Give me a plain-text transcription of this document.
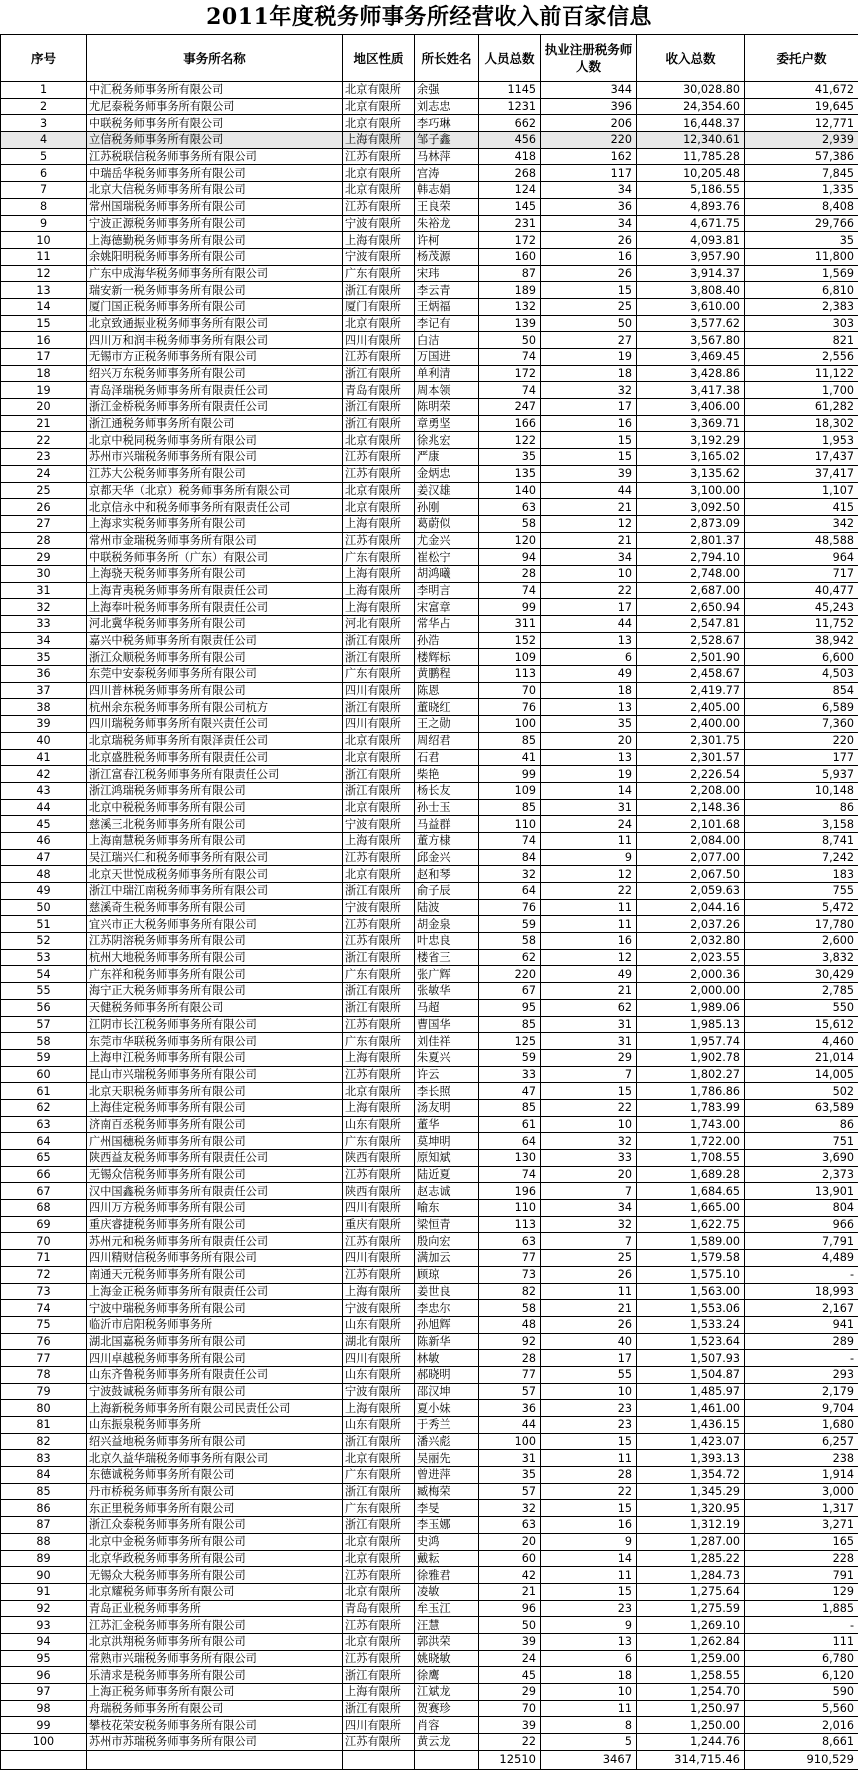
2011年度税务师事务所经营收入前百家信息
序号	事务所名称	地区性质	所长姓名	人员总数	执业注册税务师人数	收入总数	委托户数
1	中汇税务师事务所有限公司	北京有限所	余强	1145	344	30,028.80	41,672
2	尤尼泰税务师事务所有限公司	北京有限所	刘志忠	1231	396	24,354.60	19,645
3	中联税务师事务所有限公司	北京有限所	李巧琳	662	206	16,448.37	12,771
4	立信税务师事务所有限公司	上海有限所	邹子鑫	456	220	12,340.61	2,939
5	江苏税联信税务师事务所有限公司	江苏有限所	马林萍	418	162	11,785.28	57,386
6	中瑞岳华税务师事务所有限公司	北京有限所	宫涛	268	117	10,205.48	7,845
7	北京大信税务师事务所有限公司	北京有限所	韩志娟	124	34	5,186.55	1,335
8	常州国瑞税务师事务所有限公司	江苏有限所	王良荣	145	36	4,893.76	8,408
9	宁波正源税务师事务所有限公司	宁波有限所	朱裕龙	231	34	4,671.75	29,766
10	上海德勤税务师事务所有限公司	上海有限所	许柯	172	26	4,093.81	35
11	余姚阳明税务师事务所有限公司	宁波有限所	杨茂源	160	16	3,957.90	11,800
12	广东中成海华税务师事务所有限公司	广东有限所	宋玮	87	26	3,914.37	1,569
13	瑞安新一税务师事务所有限公司	浙江有限所	李云青	189	15	3,808.40	6,810
14	厦门国正税务师事务所有限公司	厦门有限所	王炳福	132	25	3,610.00	2,383
15	北京致通振业税务师事务所有限公司	北京有限所	李记有	139	50	3,577.62	303
16	四川万和润丰税务师事务所有限公司	四川有限所	白洁	50	27	3,567.80	821
17	无锡市方正税务师事务所有限公司	江苏有限所	万国进	74	19	3,469.45	2,556
18	绍兴万东税务师事务所有限公司	浙江有限所	单利清	172	18	3,428.86	11,122
19	青岛泽瑞税务师事务所有限责任公司	青岛有限所	周本领	74	32	3,417.38	1,700
20	浙江金桥税务师事务所有限责任公司	浙江有限所	陈明荣	247	17	3,406.00	61,282
21	浙江通税务师事务所有限公司	浙江有限所	章勇坚	166	16	3,369.71	18,302
22	北京中税同税务师事务所有限公司	北京有限所	徐兆宏	122	15	3,192.29	1,953
23	苏州市兴瑞税务师事务所有限公司	江苏有限所	严康	35	15	3,165.02	17,437
24	江苏大公税务师事务所有限公司	江苏有限所	金炳忠	135	39	3,135.62	37,417
25	京都天华（北京）税务师事务所有限公司	北京有限所	姜汉雄	140	44	3,100.00	1,107
26	北京信永中和税务师事务所有限责任公司	北京有限所	孙刚	63	21	3,092.50	415
27	上海求实税务师事务所有限公司	上海有限所	葛蔚似	58	12	2,873.09	342
28	常州市金瑞税务师事务所有限公司	江苏有限所	尤金兴	120	21	2,801.37	48,588
29	中联税务师事务所（广东）有限公司	广东有限所	崔松宁	94	34	2,794.10	964
30	上海骁天税务师事务所有限公司	上海有限所	胡鸿曦	28	10	2,748.00	717
31	上海青夷税务师事务所有限责任公司	上海有限所	李明言	74	22	2,687.00	40,477
32	上海奉叶税务师事务所有限责任公司	上海有限所	宋富章	99	17	2,650.94	45,243
33	河北冀华税务师事务所有限公司	河北有限所	常华占	311	44	2,547.81	11,752
34	嘉兴中税务师事务所有限责任公司	浙江有限所	孙浩	152	13	2,528.67	38,942
35	浙江众顺税务师事务所有限公司	浙江有限所	楼辉标	109	6	2,501.90	6,600
36	东莞中安泰税务师事务所有限公司	广东有限所	黄鹏程	113	49	2,458.67	4,503
37	四川普林税务师事务所有限公司	四川有限所	陈恩	70	18	2,419.77	854
38	杭州余东税务师事务所有限公司杭方	浙江有限所	董晓红	76	13	2,405.00	6,589
39	四川瑞税务师事务所有限兴责任公司	四川有限所	王之勋	100	35	2,400.00	7,360
40	北京瑞税务师事务所有限泽责任公司	北京有限所	周绍君	85	20	2,301.75	220
41	北京盛胜税务师事务所有限责任公司	北京有限所	石君	41	13	2,301.57	177
42	浙江富春江税务师事务所有限责任公司	浙江有限所	柴艳	99	19	2,226.54	5,937
43	浙江鸿瑞税务师事务所有限公司	浙江有限所	杨长友	109	14	2,208.00	10,148
44	北京中税税务师事务所有限公司	北京有限所	孙士玉	85	31	2,148.36	86
45	慈溪三北税务师事务所有限公司	宁波有限所	马益群	110	24	2,101.68	3,158
46	上海南慧税务师事务所有限公司	上海有限所	董方棣	74	11	2,084.00	8,741
47	吴江瑞兴仁和税务师事务所有限公司	江苏有限所	邱金兴	84	9	2,077.00	7,242
48	北京天世悦成税务师事务所有限公司	北京有限所	赵和琴	32	12	2,067.50	183
49	浙江中瑞江南税务师事务所有限公司	浙江有限所	俞子辰	64	22	2,059.63	755
50	慈溪奇生税务师事务所有限公司	宁波有限所	陆波	76	11	2,044.16	5,472
51	宜兴市正大税务师事务所有限公司	江苏有限所	胡金泉	59	11	2,037.26	17,780
52	江苏阴溶税务师事务所有限公司	江苏有限所	叶忠良	58	16	2,032.80	2,600
53	杭州大地税务师事务所有限公司	浙江有限所	楼省三	62	12	2,023.55	3,832
54	广东祥和税务师事务所有限公司	广东有限所	张广辉	220	49	2,000.36	30,429
55	海宁正大税务师事务所有限公司	浙江有限所	张敏华	67	21	2,000.00	2,785
56	天健税务师事务所有限公司	浙江有限所	马超	95	62	1,989.06	550
57	江阴市长江税务师事务所有限公司	江苏有限所	曹国华	85	31	1,985.13	15,612
58	东莞市华联税务师事务所有限公司	广东有限所	刘佳祥	125	31	1,957.74	4,460
59	上海申江税务师事务所有限公司	上海有限所	朱夏兴	59	29	1,902.78	21,014
60	昆山市兴瑞税务师事务所有限公司	江苏有限所	许云	33	7	1,802.27	14,005
61	北京天职税务师事务所有限公司	北京有限所	李长照	47	15	1,786.86	502
62	上海佳定税务师事务所有限公司	上海有限所	汤友明	85	22	1,783.99	63,589
63	济南百丞税务师事务所有限公司	山东有限所	董华	61	10	1,743.00	86
64	广州国穗税务师事务所有限公司	广东有限所	莫坤明	64	32	1,722.00	751
65	陕西益友税务师事务所有限责任公司	陕西有限所	原知斌	130	33	1,708.55	3,690
66	无锡众信税务师事务所有限公司	江苏有限所	陆近夏	74	20	1,689.28	2,373
67	汉中国鑫税务师事务所有限责任公司	陕西有限所	赵志诚	196	7	1,684.65	13,901
68	四川万方税务师事务所有限公司	四川有限所	喻东	110	34	1,665.00	804
69	重庆睿捷税务师事务所有限公司	重庆有限所	梁恒青	113	32	1,622.75	966
70	苏州元和税务师事务所有限责任公司	江苏有限所	殷向宏	63	7	1,589.00	7,791
71	四川精财信税务师事务所有限公司	四川有限所	满加云	77	25	1,579.58	4,489
72	南通天元税务师事务所有限公司	江苏有限所	顾琼	73	26	1,575.10	-
73	上海金正税务师事务所有限责任公司	上海有限所	姜世良	82	11	1,563.00	18,993
74	宁波中瑞税务师事务所有限公司	宁波有限所	李忠尔	58	21	1,553.06	2,167
75	临沂市启阳税务师事务所	山东有限所	孙旭辉	48	26	1,533.24	941
76	湖北国嘉税务师事务所有限公司	湖北有限所	陈新华	92	40	1,523.64	289
77	四川卓越税务师事务所有限公司	四川有限所	林敏	28	17	1,507.93	-
78	山东齐鲁税务师事务所有限责任公司	山东有限所	郝晓明	77	55	1,504.87	293
79	宁波鼓诚税务师事务所有限公司	宁波有限所	邵汉坤	57	10	1,485.97	2,179
80	上海新税务师事务所有限公司民责任公司	上海有限所	夏小妹	36	23	1,461.00	9,704
81	山东振泉税务师事务所	山东有限所	于秀兰	44	23	1,436.15	1,680
82	绍兴益地税务师事务所有限公司	浙江有限所	潘兴彪	100	15	1,423.07	6,257
83	北京久益华瑞税务师事务所有限公司	北京有限所	吴丽先	31	11	1,393.13	238
84	东德诚税务师事务所有限公司	广东有限所	曾进萍	35	28	1,354.72	1,914
85	丹市桥税务师事务所有限公司	浙江有限所	臧梅荣	57	22	1,345.29	3,000
86	东正里税务师事务所有限公司	广东有限所	李旻	32	15	1,320.95	1,317
87	浙江众泰税务师事务所有限公司	浙江有限所	李玉娜	63	16	1,312.19	3,271
88	北京中金税务师事务所有限公司	北京有限所	史鸿	20	9	1,287.00	165
89	北京华政税务师事务所有限公司	北京有限所	戴耘	60	14	1,285.22	228
90	无锡众大税务师事务所有限公司	江苏有限所	徐雅君	42	11	1,284.73	791
91	北京耀税务师事务所有限公司	北京有限所	凌敏	21	15	1,275.64	129
92	青岛正业税务师事务所	青岛有限所	牟玉江	96	23	1,275.59	1,885
93	江苏汇金税务师事务所有限公司	江苏有限所	汪慧	50	9	1,269.10	-
94	北京洪翔税务师事务所有限公司	北京有限所	郭洪荣	39	13	1,262.84	111
95	常熟市兴瑞税务师事务所有限公司	江苏有限所	姚晓敏	24	6	1,259.00	6,780
96	乐清求是税务师事务所有限公司	浙江有限所	徐鹰	45	18	1,258.55	6,120
97	上海正税务师事务所有限公司	上海有限所	江斌龙	29	10	1,254.70	590
98	舟瑞税务师事务所有限公司	浙江有限所	贺赛珍	70	11	1,250.97	5,560
99	攀枝花荣安税务师事务所有限公司	四川有限所	肖容	39	8	1,250.00	2,016
100	苏州市苏瑞税务师事务所有限公司	江苏有限所	黄云龙	22	5	1,244.76	8,661
				12510	3467	314,715.46	910,529
